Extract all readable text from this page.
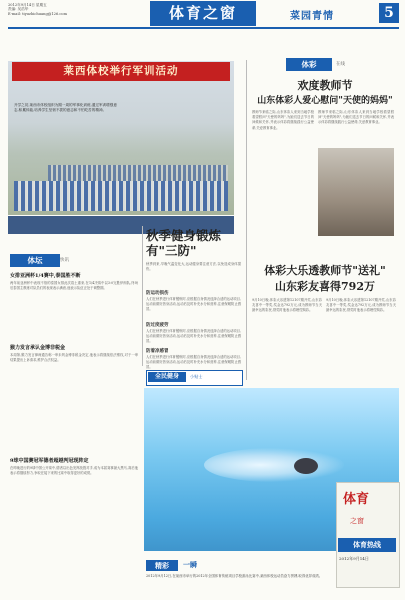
2012年9月14日 星期五
责编: 吴浩华
E-mail: tiyuzhichuang@126.com	体育之窗	菜园青情	5
莱西体校举行军训活动
开学之初,莱西市体校组织为期一周的军事化训练,通过军训增强意志,积累体能,培养学生坚韧不拔的意志和不怕吃苦的精神。
体坛	快讯
女排亚洲杯1/4赛中,泰国胜不断
两年前亚洲杯中表现不俗的泰国女排此次卷土重来,在1/4决赛中以3:0完胜伊朗队,终场后泰国主教练对队员们的表现表示满意,他表示队伍正处于调整期。
猴力发言承认金博非税金
本周第,猴力发言律师通告称一审未判金博非税金决定,他表示将继续依法维权,对于一审结果提出上诉请求,维护合法权益。
9球中国赛冠军德者超越判冠现阵定
在昨晚进行的9球中国公开赛中,德者以出色发挥战胜对手,成为本届赛事最大黑马,赛后他表示将继续努力,争取在接下来的比赛中取得更好的成绩。
秋季健身锻炼有"三防"
秋季到来,早晚气温变化大,运动健身要注意方法,以免造成身体损伤。
防运动损伤
人们在秋季进行体育锻炼时,应根据自身情况选择合适的运动项目,运动前做好热身活动,运动后及时补充水分和营养,注意保暖防止感冒。
防过度疲劳
人们在秋季进行体育锻炼时,应根据自身情况选择合适的运动项目,运动前做好热身活动,运动后及时补充水分和营养,注意保暖防止感冒。
防着凉感冒
人们在秋季进行体育锻炼时,应根据自身情况选择合适的运动项目,运动前做好热身活动,运动后及时补充水分和营养,注意保暖防止感冒。
体彩	在线
欢度教师节
山东体彩人爱心慰问"天使的妈妈"
教师节来临之际,山东体彩人来到当地学校看望慰问"天使的妈妈",为她们送去节日的问候和关怀,并表示体彩将继续践行公益使命,关爱教育事业。
教师节来临之际,山东体彩人来到当地学校看望慰问"天使的妈妈",为她们送去节日的问候和关怀,并表示体彩将继续践行公益使命,关爱教育事业。
体彩大乐透教师节"送礼"
山东彩友喜得792万
9月10日晚,体彩大乐透第12107期开奖,山东彩友喜中一等奖,奖金达792万元,成为教师节当天最幸运的彩民,领奖时他表示将理性购彩。
9月10日晚,体彩大乐透第12107期开奖,山东彩友喜中一等奖,奖金达792万元,成为教师节当天最幸运的彩民,领奖时他表示将理性购彩。
全民健身	小贴士
体育
之窗
体育热线
2012年9月14日
精彩	一瞬
2012年9月12日,在莱西市举行的2012年全国体育传统项目学校游泳比赛中,莱西体校运动员奋力拼搏,取得优异成绩。
